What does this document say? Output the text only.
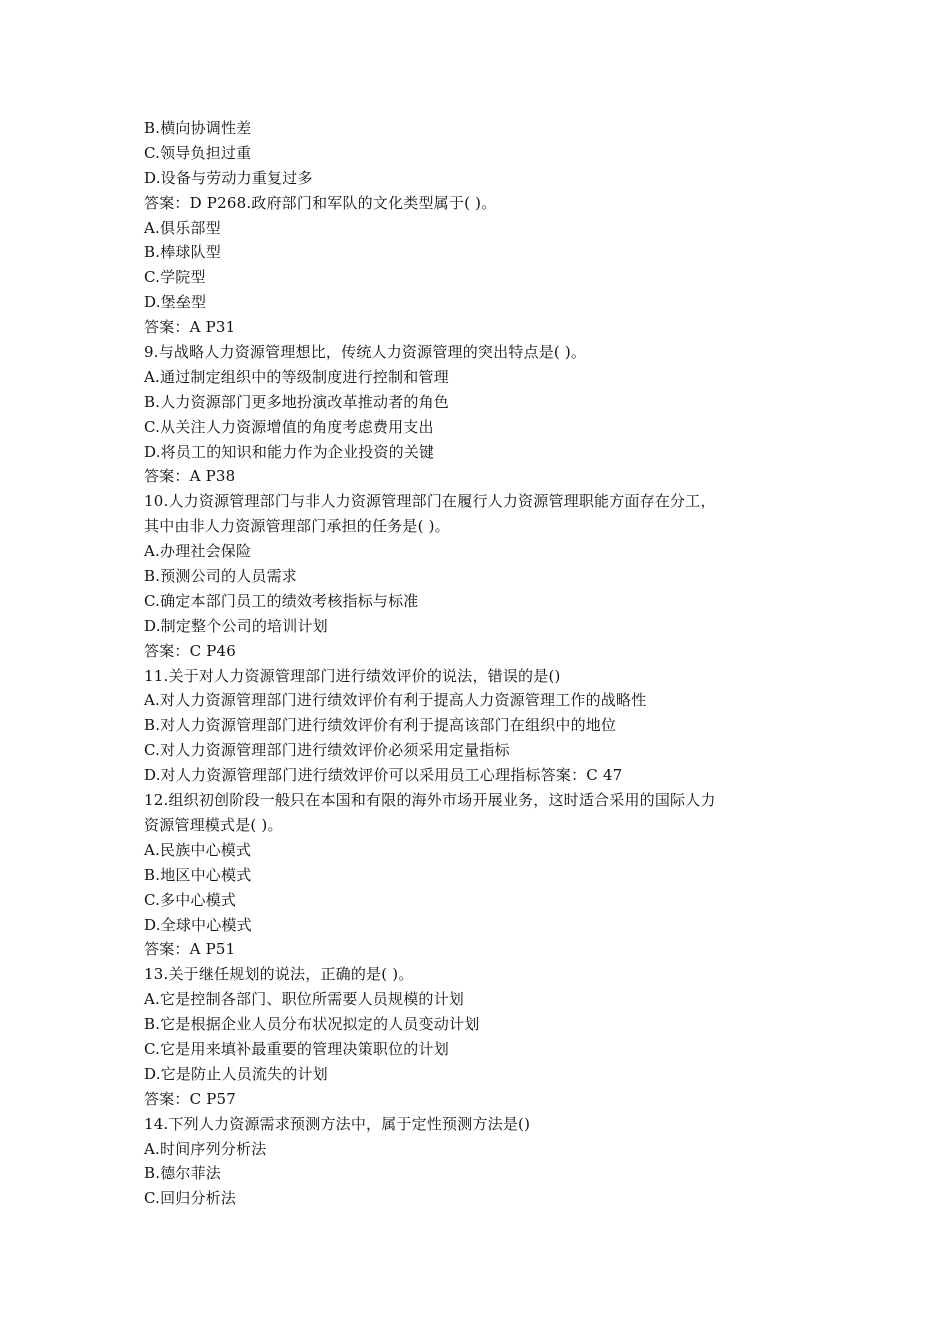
B.横向协调性差
C.领导负担过重
D.设备与劳动力重复过多
答案：D P268.政府部门和军队的文化类型属于( )。
A.俱乐部型
B.棒球队型
C.学院型
D.堡垒型
答案：A P31
9.与战略人力资源管理想比，传统人力资源管理的突出特点是( )。
A.通过制定组织中的等级制度进行控制和管理
B.人力资源部门更多地扮演改革推动者的角色
C.从关注人力资源增值的角度考虑费用支出
D.将员工的知识和能力作为企业投资的关键
答案：A P38
10.人力资源管理部门与非人力资源管理部门在履行人力资源管理职能方面存在分工，
其中由非人力资源管理部门承担的任务是( )。
A.办理社会保险
B.预测公司的人员需求
C.确定本部门员工的绩效考核指标与标准
D.制定整个公司的培训计划
答案：C P46
11.关于对人力资源管理部门进行绩效评价的说法，错误的是()
A.对人力资源管理部门进行绩效评价有利于提高人力资源管理工作的战略性
B.对人力资源管理部门进行绩效评价有利于提高该部门在组织中的地位
C.对人力资源管理部门进行绩效评价必须采用定量指标
D.对人力资源管理部门进行绩效评价可以采用员工心理指标答案：C 47
12.组织初创阶段一般只在本国和有限的海外市场开展业务，这时适合采用的国际人力
资源管理模式是( )。
A.民族中心模式
B.地区中心模式
C.多中心模式
D.全球中心模式
答案：A P51
13.关于继任规划的说法，正确的是( )。
A.它是控制各部门、职位所需要人员规模的计划
B.它是根据企业人员分布状况拟定的人员变动计划
C.它是用来填补最重要的管理决策职位的计划
D.它是防止人员流失的计划
答案：C P57
14.下列人力资源需求预测方法中，属于定性预测方法是()
A.时间序列分析法
B.德尔菲法
C.回归分析法
